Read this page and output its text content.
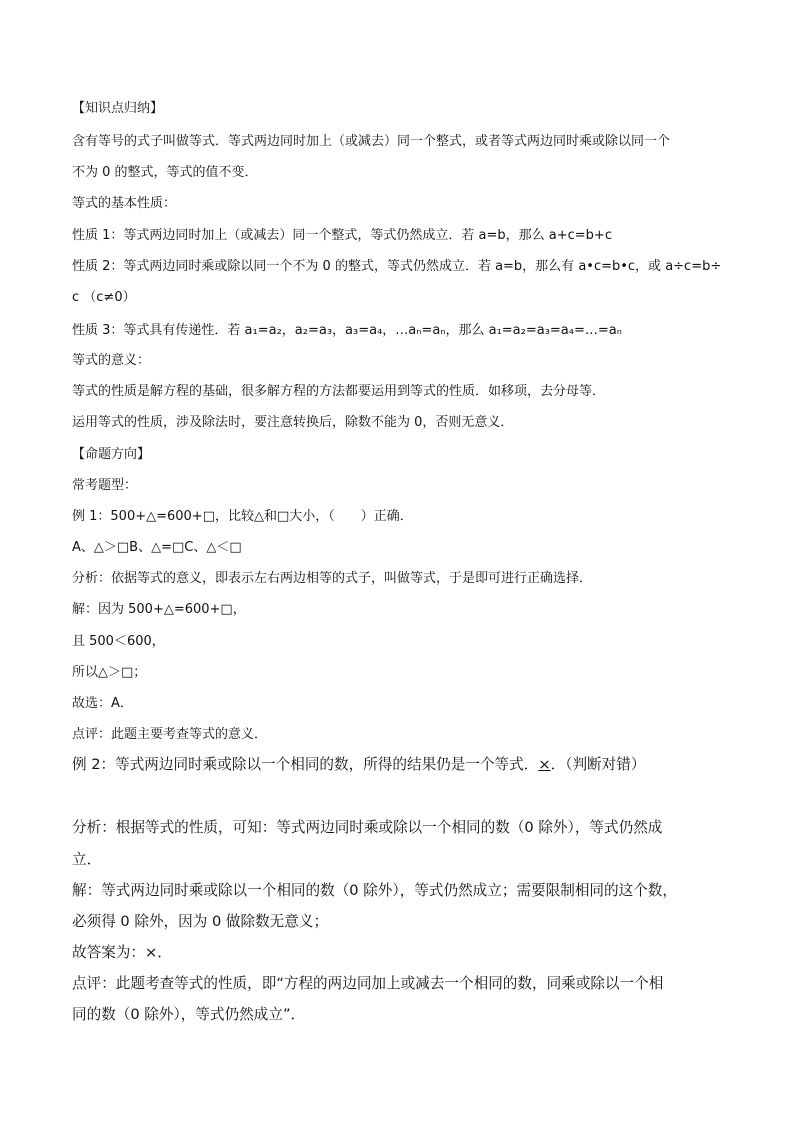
【知识点归纳】
含有等号的式子叫做等式．等式两边同时加上（或减去）同一个整式，或者等式两边同时乘或除以同一个
不为 0 的整式，等式的值不变．
等式的基本性质：
性质 1：等式两边同时加上（或减去）同一个整式，等式仍然成立．若 a=b，那么 a+c=b+c
性质 2：等式两边同时乘或除以同一个不为 0 的整式，等式仍然成立．若 a=b，那么有 a•c=b•c，或 a÷c=b÷
c （c≠0）
性质 3：等式具有传递性．若 a₁=a₂，a₂=a₃，a₃=a₄，…aₙ=aₙ，那么 a₁=a₂=a₃=a₄=…=aₙ
等式的意义：
等式的性质是解方程的基础，很多解方程的方法都要运用到等式的性质．如移项，去分母等．
运用等式的性质，涉及除法时，要注意转换后，除数不能为 0，否则无意义．
【命题方向】
常考题型：
例 1：500+△=600+□，比较△和□大小，（　　）正确．
A、△＞□B、△=□C、△＜□
分析：依据等式的意义，即表示左右两边相等的式子，叫做等式，于是即可进行正确选择．
解：因为 500+△=600+□，
且 500＜600，
所以△＞□；
故选：A．
点评：此题主要考查等式的意义．
例 2：等式两边同时乘或除以一个相同的数，所得的结果仍是一个等式．×．（判断对错）
分析：根据等式的性质，可知：等式两边同时乘或除以一个相同的数（0 除外），等式仍然成
立．
解：等式两边同时乘或除以一个相同的数（0 除外），等式仍然成立；需要限制相同的这个数，
必须得 0 除外，因为 0 做除数无意义；
故答案为：×．
点评：此题考查等式的性质，即“方程的两边同加上或减去一个相同的数，同乘或除以一个相
同的数（0 除外），等式仍然成立”．
